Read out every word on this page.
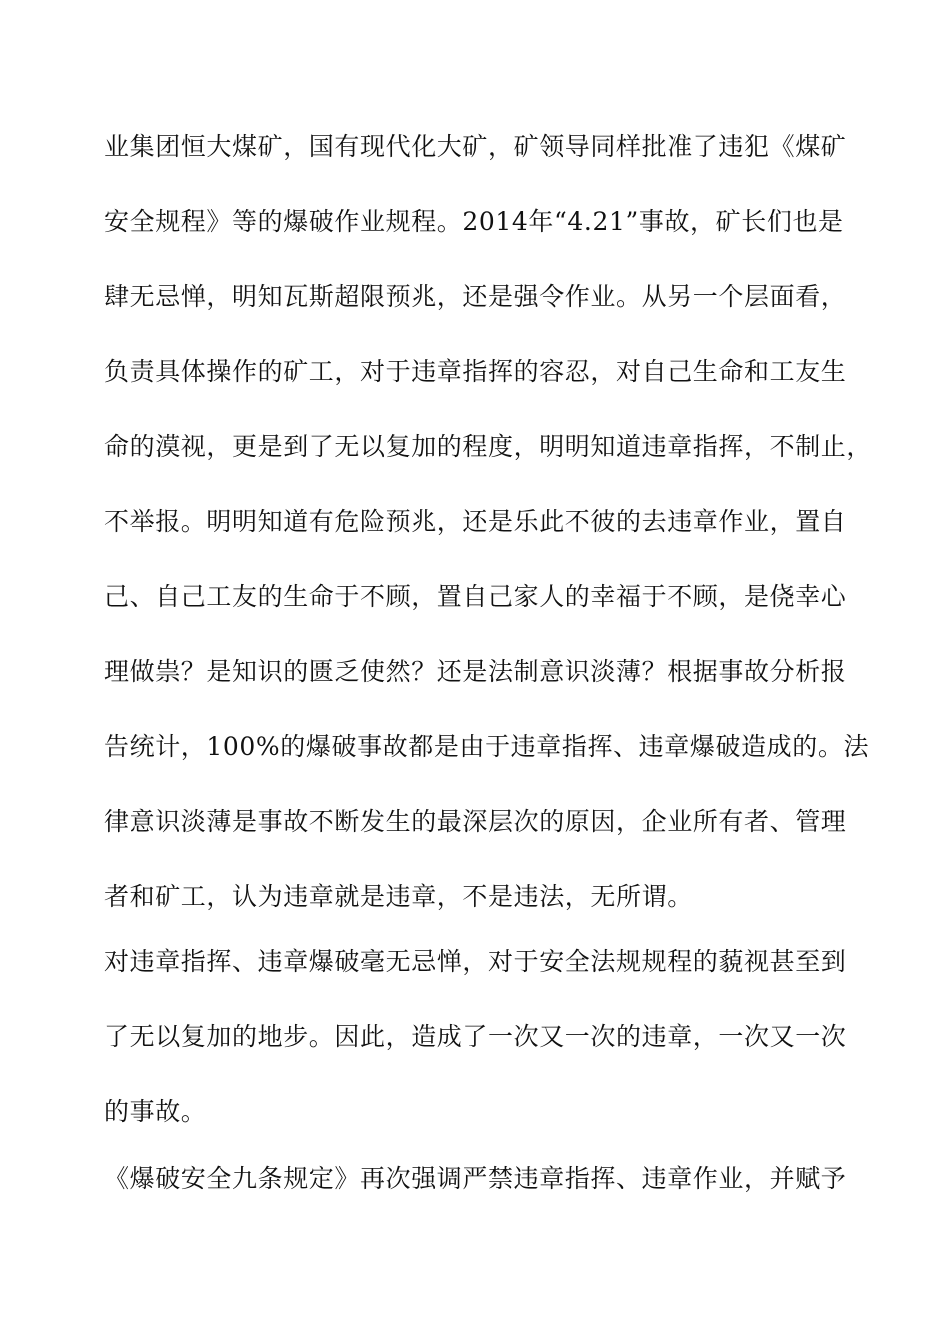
业集团恒大煤矿，国有现代化大矿，矿领导同样批准了违犯《煤矿
安全规程》等的爆破作业规程。2014年“4.21”事故，矿长们也是
肆无忌惮，明知瓦斯超限预兆，还是强令作业。从另一个层面看，
负责具体操作的矿工，对于违章指挥的容忍，对自己生命和工友生
命的漠视，更是到了无以复加的程度，明明知道违章指挥，不制止，
不举报。明明知道有危险预兆，还是乐此不彼的去违章作业，置自
己、自己工友的生命于不顾，置自己家人的幸福于不顾，是侥幸心
理做祟？是知识的匮乏使然？还是法制意识淡薄？根据事故分析报
告统计，100%的爆破事故都是由于违章指挥、违章爆破造成的。法
律意识淡薄是事故不断发生的最深层次的原因，企业所有者、管理
者和矿工，认为违章就是违章，不是违法，无所谓。
对违章指挥、违章爆破毫无忌惮，对于安全法规规程的藐视甚至到
了无以复加的地步。因此，造成了一次又一次的违章，一次又一次
的事故。
《爆破安全九条规定》再次强调严禁违章指挥、违章作业，并赋予
